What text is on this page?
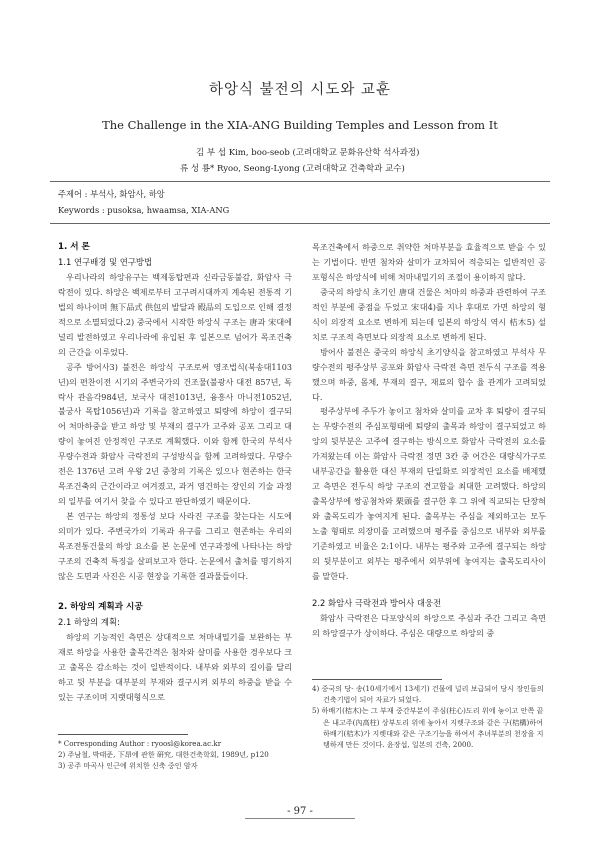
하앙식 불전의 시도와 교훈
The Challenge in the XIA-ANG Building Temples and Lesson from It
김 부 섭 Kim, boo-seob (고려대학교 문화유산학 석사과정)
류 성 룡* Ryoo, Seong-Lyong (고려대학교 건축학과 교수)
주제어 : 부석사, 화암사, 하앙
Keywords : pusoksa, hwaamsa, XIA-ANG

1. 서 론

1.1 연구배경 및 연구방법

우리나라의 하앙유구는 백제동탑편과 신라금동불감, 화암사 극락전이 있다. 하앙은 백제로부터 고구려시대까지 계속된 전통적 기법의 하나이며 無下品式 供包의 발달과 殿品의 도입으로 인해 결정적으로 소멸되었다.2) 중국에서 시작한 하앙식 구조는 唐과 宋대에 널리 발전하였고 우리나라에 유입된 후 일본으로 넘어가 목조건축의 근간을 이루었다.

공주 방어사3) 불전은 하앙식 구조로써 영조법식(북송대1103년)의 편찬이전 시기의 주변국가의 건조물(불광사 대전 857년, 독락사 관음각984년, 보국사 대전1013년, 융흥사 마니전1052년, 불궁사 목탑1056년)과 기록을 참고하였고 퇴량에 하앙이 결구되어 처마하중을 받고 하앙 및 부재의 결구가 고주와 공포 그리고 대량이 놓여진 안정적인 구조로 계획했다. 이와 함께 한국의 부석사 무량수전과 화암사 극락전의 구성방식을 함께 고려하였다. 무량수전은 1376년 고려 우왕 2년 중창의 기록은 있으나 현존하는 한국목조건축의 근간이라고 여겨졌고, 과거 영건하는 장인의 기술 과정의 일부를 여기서 찾을 수 있다고 판단하였기 때문이다.

본 연구는 하앙의 정통성 보다 사라진 구조를 찾는다는 시도에 의미가 있다. 주변국가의 기록과 유구를 그리고 현존하는 우리의 목조전통건물의 하앙 요소를 본 논문에 연구과정에 나타나는 하앙구조의 건축적 특징을 살펴보고자 한다. 논문에서 출처를 명기하지 않은 도면과 사진은 시공 현장을 기록한 결과물들이다.

2. 하앙의 계획과 시공

2.1 하앙의 계획:

하앙의 기능적인 측면은 상대적으로 처마내밀기를 보완하는 부재로 하앙을 사용한 출목간격은 첨차와 살미를 사용한 경우보다 크고 출목은 감소하는 것이 일반적이다. 내부와 외부의 길이를 달리하고 뒷 부분을 대부분의 부재와 결구시켜 외부의 하중을 받을 수 있는 구조이며 지랫대형식으로

* Corresponding Author : ryoosl@korea.ac.kr

2) 주남철, 박태준, 下昂에 관한 硏究, 대한건축학회, 1989년, p120

3) 공주 마곡사 인근에 위치한 신축 중인 암자

목조건축에서 하중으로 취약한 처마부분을 효율적으로 받을 수 있는 기법이다. 반면 첨차와 살미가 교차되어 적층되는 일반적인 공포형식은 하앙식에 비해 처마내밀기의 조절이 용이하지 않다.

중국의 하앙식 초기인 唐대 건물은 처마의 하중과 관련하여 구조적인 부분에 중점을 두었고 宋대4)를 지나 후대로 가면 하앙의 형식이 의장적 요소로 변하게 되는데 일본의 하앙식 역시 桔木5) 설치로 구조적 측면보다 의장적 요소로 변하게 된다.

방어사 불전은 중국의 하앙식 초기양식을 참고하였고 부석사 무량수전의 평주상부 공포와 화암사 극락전 측면 전두식 구조를 적용했으며 하중, 몸체, 부재의 결구, 재료의 합수 율 관계가 고려되었다.

평주상부에 주두가 놓이고 첨차와 살미를 교차 후 퇴량이 결구되는 무량수전의 주심포형태에 퇴량의 출목과 하앙이 결구되었고 하앙의 뒷부분은 고주에 결구하는 방식으로 화암사 극락전의 요소를 가져왔는데 이는 화암사 극락전 정면 3칸 중 어간은 대량식가구로 내부공간을 활용한 대신 부재의 단일화로 의장적인 요소를 배제했고 측면은 전두식 하앙 구조의 견고함을 최대한 고려했다. 하앙의 출목상부에 쌍공첨차와 栗頭를 결구한 후 그 위에 직교되는 단장혀와 출목도리가 놓여지게 된다. 출목부는 주심을 제외하고는 모두 노출 형태로 의장미를 고려했으며 평주를 중심으로 내부와 외부를 기준하였고 비율은 2:1이다. 내부는 평주와 고주에 결구되는 하앙의 뒷부분이고 외부는 평주에서 외부위에 놓여지는 출목도리사이를 말한다.

2.2 화암사 극락전과 방어사 대웅전

화암사 극락전은 다포양식의 하앙으로 주심과 주간 그리고 측면의 하앙결구가 상이하다. 주심은 대량으로 하앙의 중

4) 중국의 당- 송(10세기에서 13세기) 건물에 널리 보급되어 당시 장인들의 건축기법이 되어 자료가 되었다.

5) 하배기(桔木)는 그 부재 중간부분이 주심(柱心)도리 위에 놓이고 안쪽 끝은 내고주(內高柱) 상부도리 위에 놓아서 지렛구조와 같은 구(桔構)하여 하배기(桔木)가 지렛대와 같은 구조기능을 하여서 추녀부분의 천장을 지탱하게 만든 것이다. 윤장섭, 일본의 건축, 2000.

- 97 -
